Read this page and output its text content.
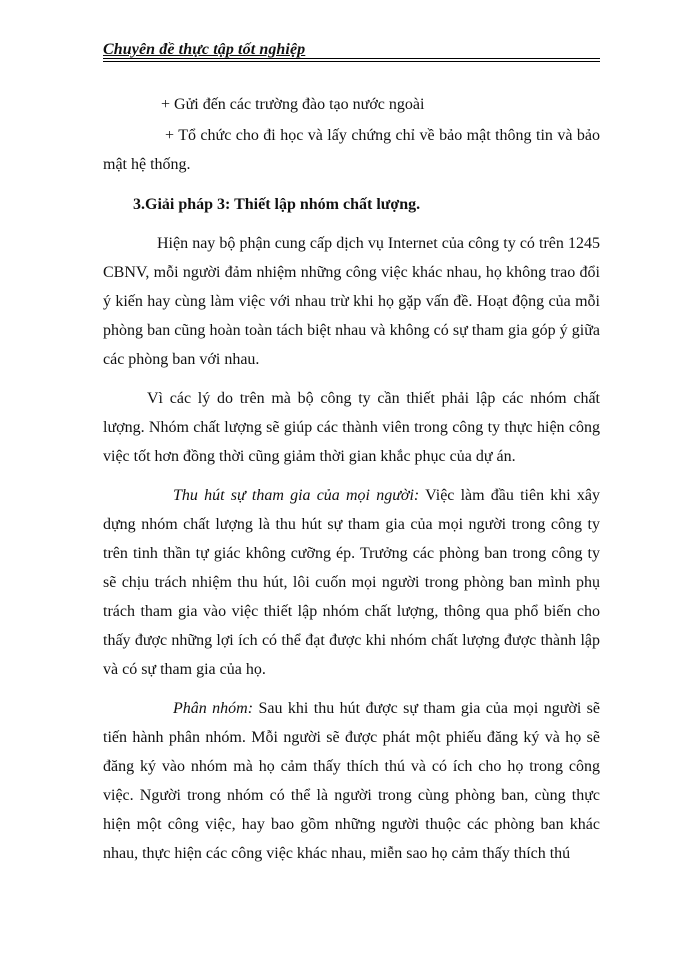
Chuyên đề thực tập tốt nghiệp

+ Gửi đến các trường đào tạo nước ngoài

+ Tổ chức cho đi học và lấy chứng chỉ về bảo mật thông tin và bảo mật hệ thống.

3.Giải pháp 3: Thiết lập nhóm chất lượng.

Hiện nay bộ phận cung cấp dịch vụ Internet của công ty có trên 1245 CBNV, mỗi người đảm nhiệm những công việc khác nhau, họ không trao đổi ý kiến hay cùng làm việc với nhau trừ khi họ gặp vấn đề. Hoạt động của mỗi phòng ban cũng hoàn toàn tách biệt nhau và không có sự tham gia góp ý giữa các phòng ban với nhau.

Vì các lý do trên mà bộ công ty cần thiết phải lập các nhóm chất lượng. Nhóm chất lượng sẽ giúp các thành viên trong công ty thực hiện công việc tốt hơn đồng thời cũng giảm thời gian khắc phục của dự án.

Thu hút sự tham gia của mọi người: Việc làm đầu tiên khi xây dựng nhóm chất lượng là thu hút sự tham gia của mọi người trong công ty trên tinh thần tự giác không cưỡng ép. Trưởng các phòng ban trong công ty sẽ chịu trách nhiệm thu hút, lôi cuốn mọi người trong phòng ban mình phụ trách tham gia vào việc thiết lập nhóm chất lượng, thông qua phổ biến cho thấy được những lợi ích có thể đạt được khi nhóm chất lượng được thành lập và có sự tham gia của họ.

Phân nhóm: Sau khi thu hút được sự tham gia của mọi người sẽ tiến hành phân nhóm. Mỗi người sẽ được phát một phiếu đăng ký và họ sẽ đăng ký vào nhóm mà họ cảm thấy thích thú và có ích cho họ trong công việc. Người trong nhóm có thể là người trong cùng phòng ban, cùng thực hiện một công việc, hay bao gồm những người thuộc các phòng ban khác nhau, thực hiện các công việc khác nhau, miễn sao họ cảm thấy thích thú
